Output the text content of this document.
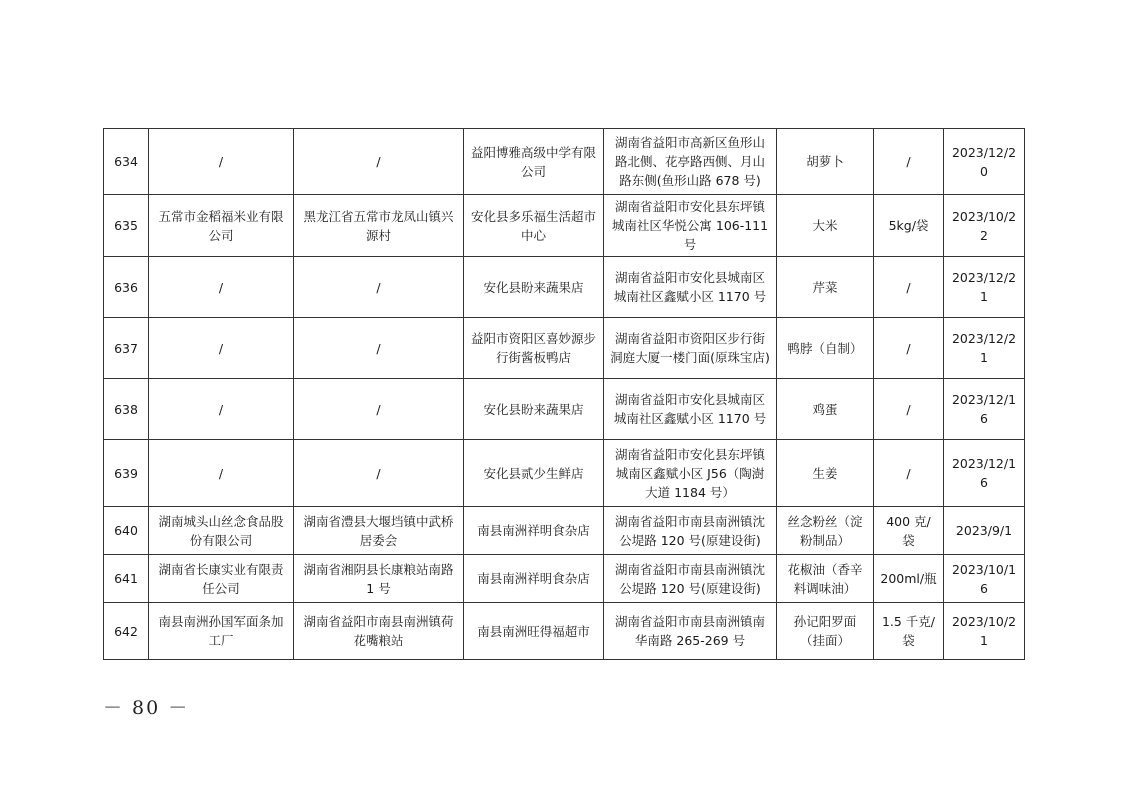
634	/	/	益阳博雅高级中学有限公司	湖南省益阳市高新区鱼形山路北侧、花亭路西侧、月山路东侧(鱼形山路 678 号)	胡萝卜	/	2023/12/20
635	五常市金稻福米业有限公司	黑龙江省五常市龙凤山镇兴源村	安化县多乐福生活超市中心	湖南省益阳市安化县东坪镇城南社区华悦公寓 106-111 号	大米	5kg/袋	2023/10/22
636	/	/	安化县盼来蔬果店	湖南省益阳市安化县城南区城南社区鑫赋小区 1170 号	芹菜	/	2023/12/21
637	/	/	益阳市资阳区喜妙源步行街酱板鸭店	湖南省益阳市资阳区步行街洞庭大厦一楼门面(原珠宝店)	鸭脖（自制）	/	2023/12/21
638	/	/	安化县盼来蔬果店	湖南省益阳市安化县城南区城南社区鑫赋小区 1170 号	鸡蛋	/	2023/12/16
639	/	/	安化县贰少生鲜店	湖南省益阳市安化县东坪镇城南区鑫赋小区 J56（陶澍大道 1184 号）	生姜	/	2023/12/16
640	湖南城头山丝念食品股份有限公司	湖南省澧县大堰垱镇中武桥居委会	南县南洲祥明食杂店	湖南省益阳市南县南洲镇沈公堤路 120 号(原建设街)	丝念粉丝（淀粉制品）	400 克/袋	2023/9/1
641	湖南省长康实业有限责任公司	湖南省湘阴县长康粮站南路 1 号	南县南洲祥明食杂店	湖南省益阳市南县南洲镇沈公堤路 120 号(原建设街)	花椒油（香辛料调味油）	200ml/瓶	2023/10/16
642	南县南洲孙国军面条加工厂	湖南省益阳市南县南洲镇荷花嘴粮站	南县南洲旺得福超市	湖南省益阳市南县南洲镇南华南路 265-269 号	孙记阳罗面（挂面）	1.5 千克/袋	2023/10/21
－ 80 －
